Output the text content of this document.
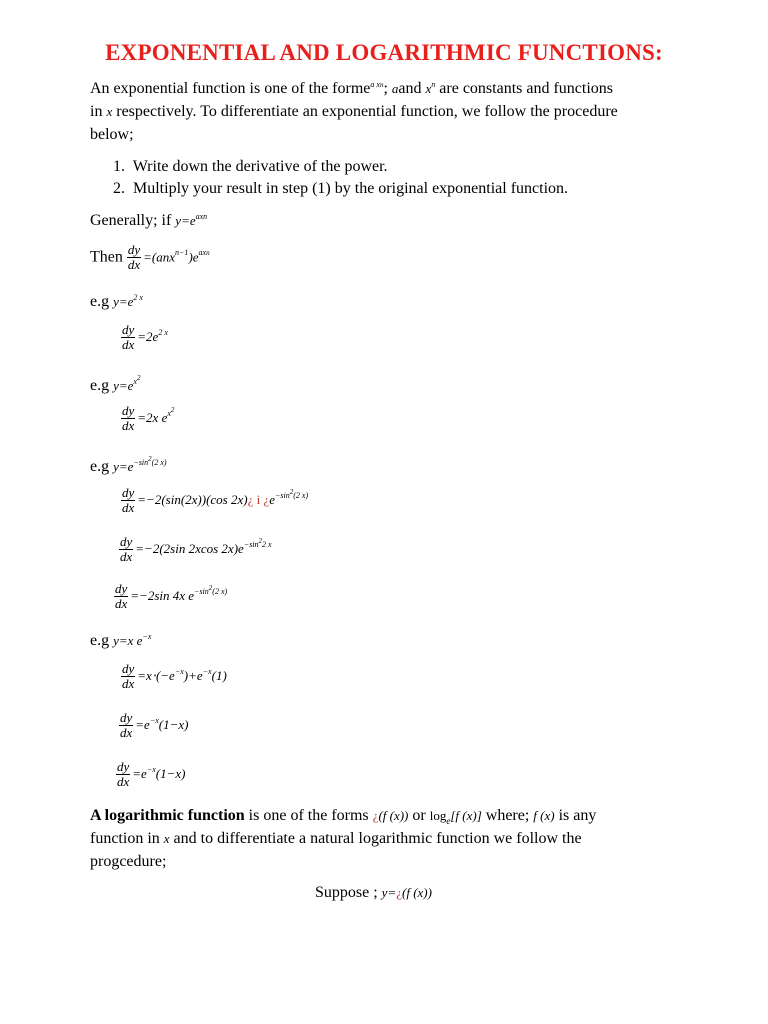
EXPONENTIAL AND LOGARITHMIC FUNCTIONS:
An exponential function is one of the forme$^{a xn}$; aand $x^n$ are constants and functions
in x respectively. To differentiate an exponential function, we follow the procedure
below;
1. Write down the derivative of the power.
2. Multiply your result in step (1) by the original exponential function.
Generally; if $y=e^{axn}$
Then $\frac{dy}{dx} =(anx^{n-1})e^{axn}$
e.g $y=e^{2 x}$
$\frac{dy}{dx} =2e^{2 x}$
e.g $y=e^{x2}$
$\frac{dy}{dx} =2x$ $e^{x2}$
e.g $y=e^{-sin2(2 x)}$
$\frac{dy}{dx} =-2(\sin(2x))(\cos$ 2x)¿ i ¿$e^{-sin2(2 x)}$
$\frac{dy}{dx} =-2(2\sin$ 2xcos $2x)e^{-sin22 x}$
$\frac{dy}{dx} =-2\sin$ 4x $e^{-sin2(2 x)}$
e.g y=x $e^{-x}$
$\frac{dy}{dx} =x\cdot(-e^{-x})+e^{-x}(1)$
$\frac{dy}{dx} =e^{-x}(1-x)$
$\frac{dy}{dx} =e^{-x}(1-x)$
A logarithmic function is one of the forms ¿(f (x)) or $\log_e[f$ (x)] where; f (x) is any
function in x and to differentiate a natural logarithmic function we follow the
progcedure;
Suppose ; y=¿(f (x))
